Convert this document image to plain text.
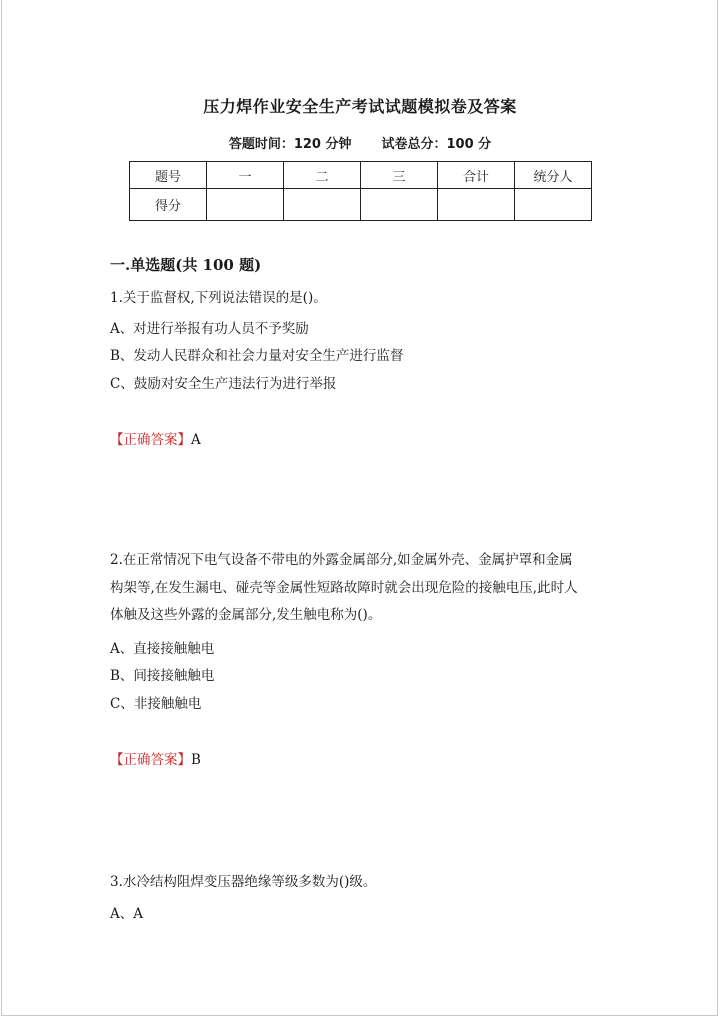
压力焊作业安全生产考试试题模拟卷及答案
答题时间：120 分钟 试卷总分：100 分
题号	一	二	三	合计	统分人
得分					
一.单选题(共 100 题)
1.关于监督权,下列说法错误的是()。
A、对进行举报有功人员不予奖励
B、发动人民群众和社会力量对安全生产进行监督
C、鼓励对安全生产违法行为进行举报
【正确答案】A
2.在正常情况下电气设备不带电的外露金属部分,如金属外壳、金属护罩和金属
构架等,在发生漏电、碰壳等金属性短路故障时就会出现危险的接触电压,此时人
体触及这些外露的金属部分,发生触电称为()。
A、直接接触触电
B、间接接触触电
C、非接触触电
【正确答案】B
3.水冷结构阻焊变压器绝缘等级多数为()级。
A、A
